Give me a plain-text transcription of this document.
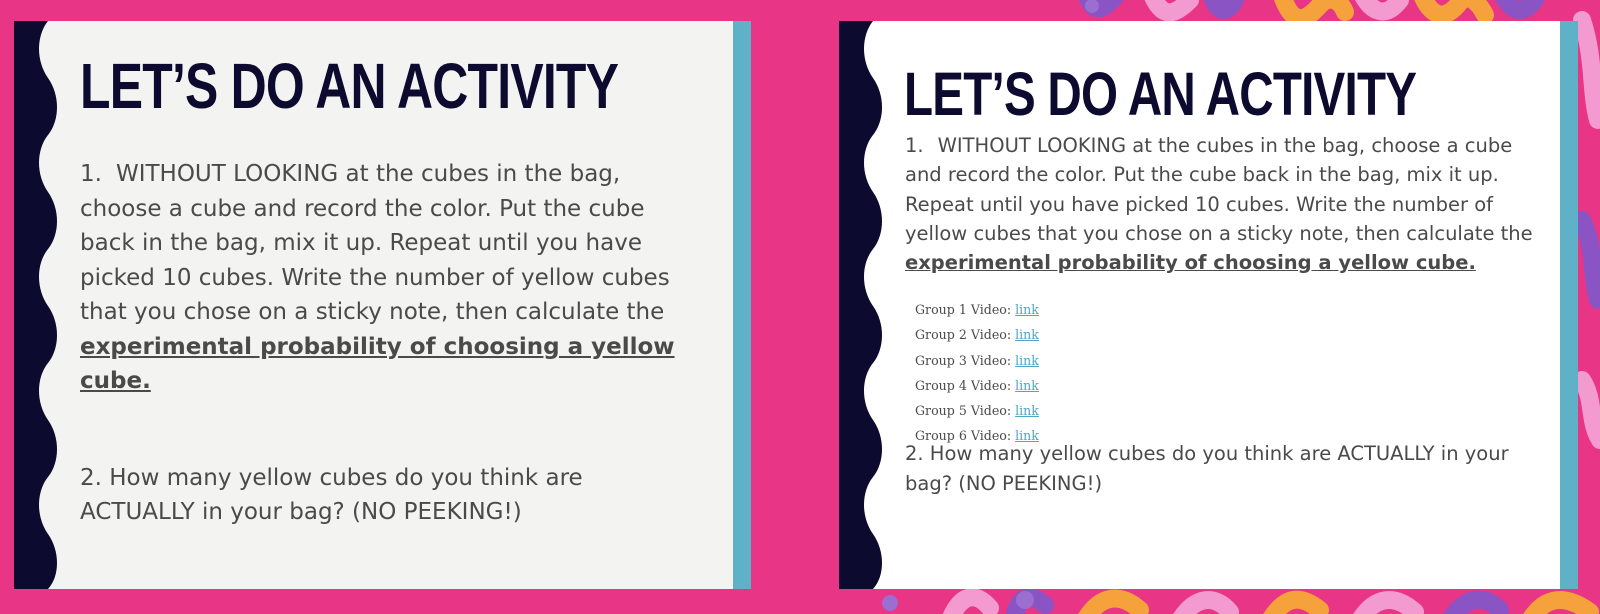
LET’S DO AN ACTIVITY
1. WITHOUT LOOKING at the cubes in the bag, choose a cube and record the color. Put the cube back in the bag, mix it up. Repeat until you have picked 10 cubes. Write the number of yellow cubes that you chose on a sticky note, then calculate the experimental probability of choosing a yellow cube.
2. How many yellow cubes do you think are ACTUALLY in your bag? (NO PEEKING!)
LET’S DO AN ACTIVITY
1. WITHOUT LOOKING at the cubes in the bag, choose a cube and record the color. Put the cube back in the bag, mix it up. Repeat until you have picked 10 cubes. Write the number of yellow cubes that you chose on a sticky note, then calculate the experimental probability of choosing a yellow cube.
Group 1 Video: link
Group 2 Video: link
Group 3 Video: link
Group 4 Video: link
Group 5 Video: link
Group 6 Video: link
2. How many yellow cubes do you think are ACTUALLY in your bag? (NO PEEKING!)
